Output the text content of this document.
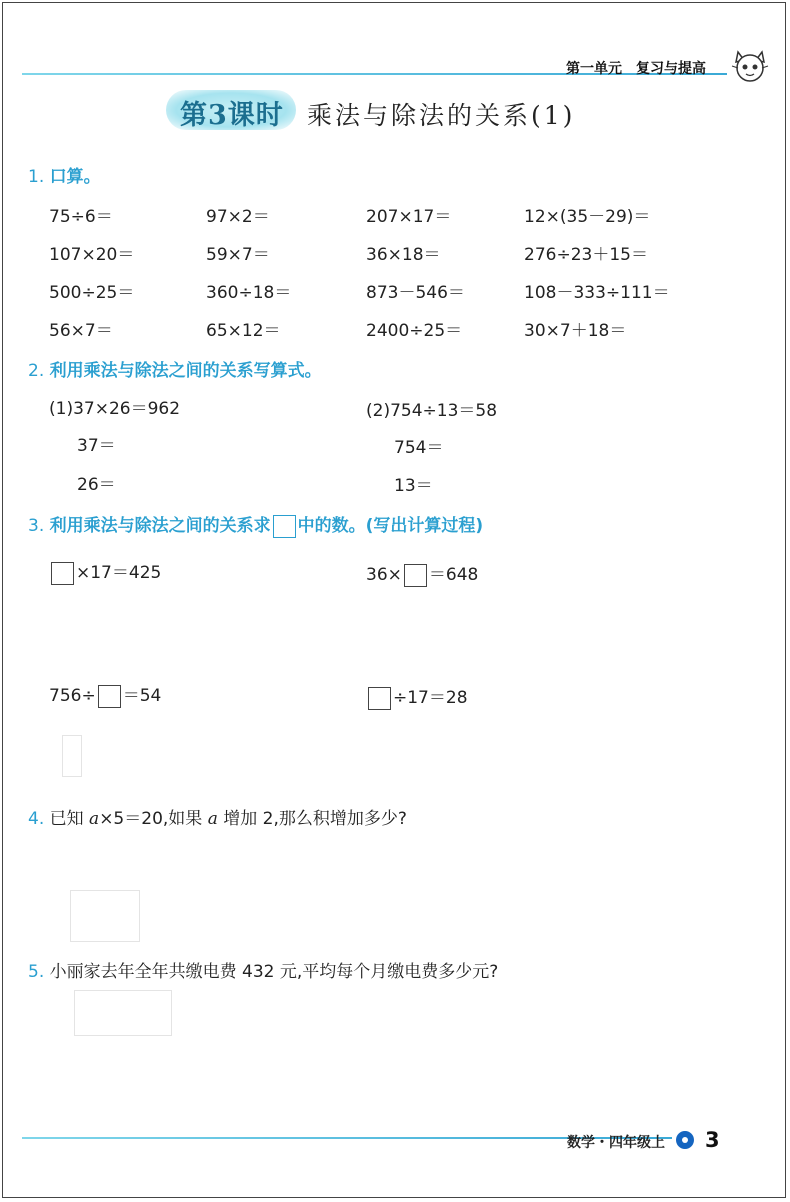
第一单元 复习与提高
第3课时 乘法与除法的关系(1)
1. 口算。
75÷6＝	97×2＝	207×17＝	12×(35－29)＝
107×20＝	59×7＝	36×18＝	276÷23＋15＝
500÷25＝	360÷18＝	873－546＝	108－333÷111＝
56×7＝	65×12＝	2400÷25＝	30×7＋18＝
2. 利用乘法与除法之间的关系写算式。
(1)37×26＝962
37＝
26＝
(2)754÷13＝58
754＝
13＝
3. 利用乘法与除法之间的关系求 中的数。(写出计算过程)
×17＝425	36× ＝648
756÷ ＝54	÷17＝28
4. 已知 a×5＝20,如果 a 增加 2,那么积增加多少?
5. 小丽家去年全年共缴电费 432 元,平均每个月缴电费多少元?
数学・四年级上 3
